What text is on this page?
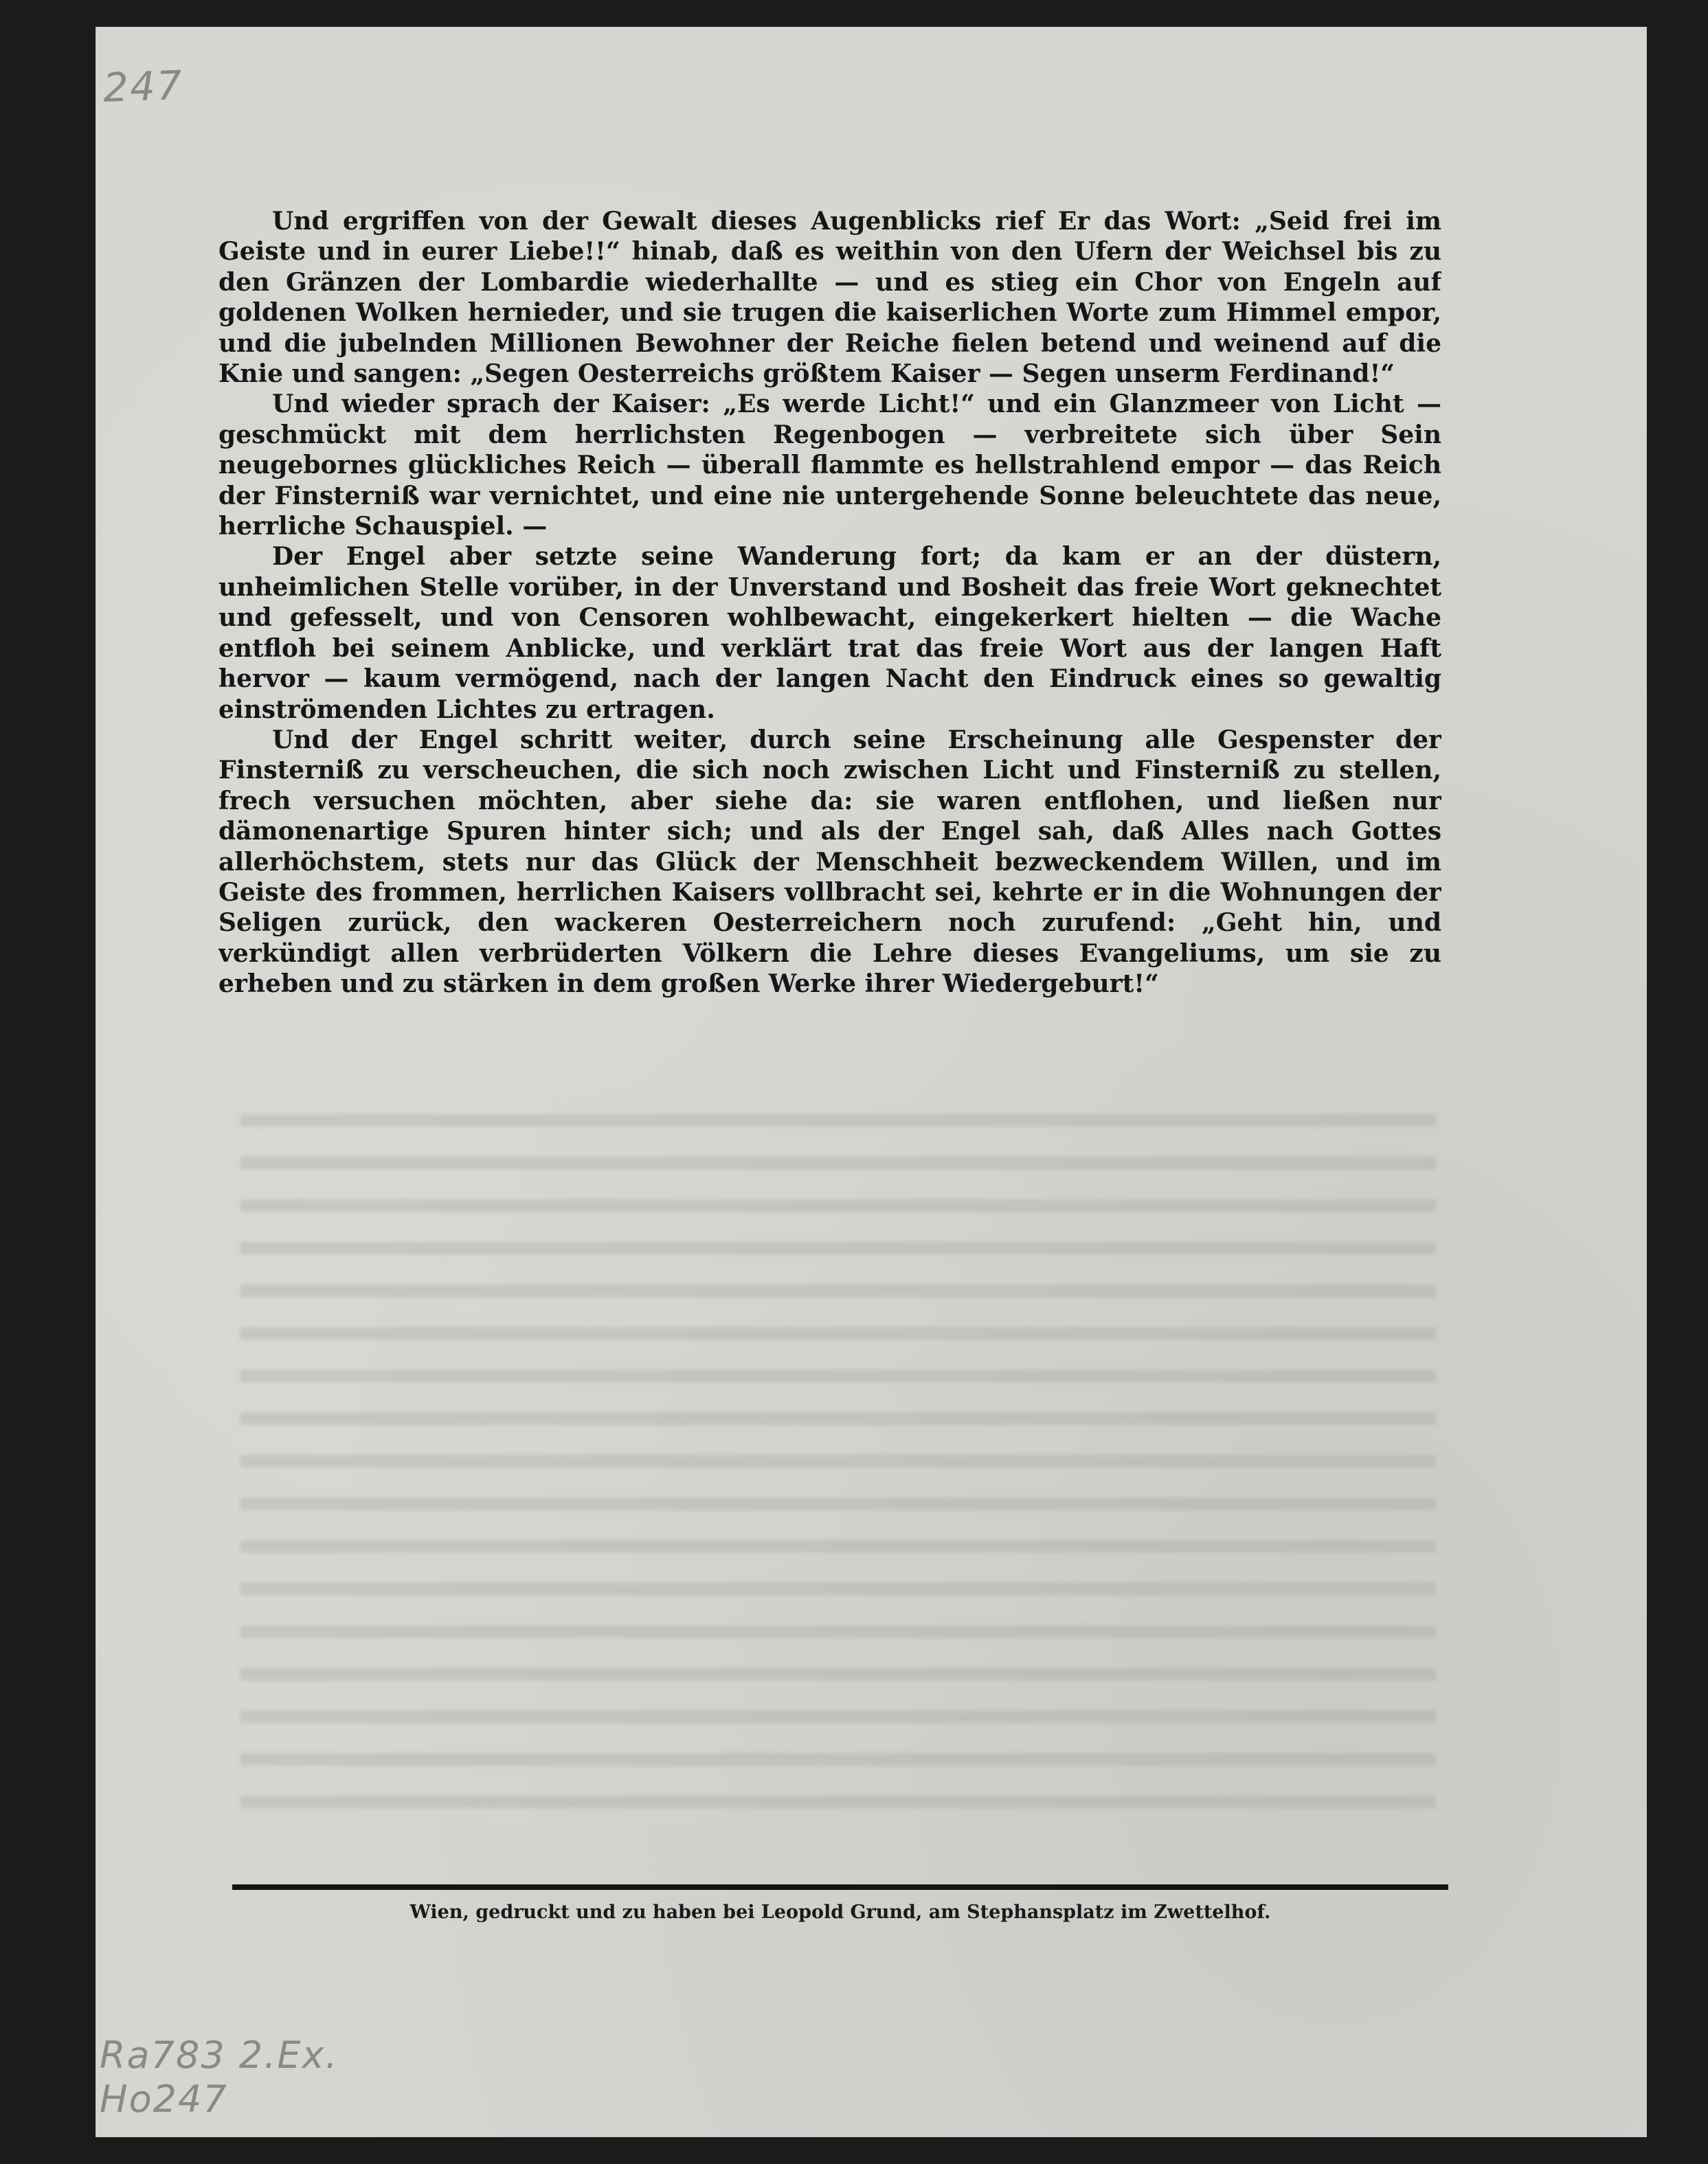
247

Und ergriffen von der Gewalt dieses Augenblicks rief Er das Wort: „Seid frei im Geiste und in eurer Liebe!!“ hinab, daß es weithin von den Ufern der Weichsel bis zu den Gränzen der Lombardie wiederhallte — und es stieg ein Chor von Engeln auf goldenen Wolken hernieder, und sie trugen die kaiserlichen Worte zum Himmel empor, und die jubelnden Millionen Bewohner der Reiche fielen betend und weinend auf die Knie und sangen: „Segen Oesterreichs größtem Kaiser — Segen unserm Ferdinand!“

Und wieder sprach der Kaiser: „Es werde Licht!“ und ein Glanzmeer von Licht — geschmückt mit dem herrlichsten Regenbogen — verbreitete sich über Sein neugebornes glückliches Reich — überall flammte es hellstrahlend empor — das Reich der Finsterniß war vernichtet, und eine nie untergehende Sonne beleuchtete das neue, herrliche Schauspiel. —

Der Engel aber setzte seine Wanderung fort; da kam er an der düstern, unheimlichen Stelle vorüber, in der Unverstand und Bosheit das freie Wort geknechtet und gefesselt, und von Censoren wohlbewacht, eingekerkert hielten — die Wache entfloh bei seinem Anblicke, und verklärt trat das freie Wort aus der langen Haft hervor — kaum vermögend, nach der langen Nacht den Eindruck eines so gewaltig einströmenden Lichtes zu ertragen.

Und der Engel schritt weiter, durch seine Erscheinung alle Gespenster der Finsterniß zu verscheuchen, die sich noch zwischen Licht und Finsterniß zu stellen, frech versuchen möchten, aber siehe da: sie waren entflohen, und ließen nur dämonenartige Spuren hinter sich; und als der Engel sah, daß Alles nach Gottes allerhöchstem, stets nur das Glück der Menschheit bezweckendem Willen, und im Geiste des frommen, herrlichen Kaisers vollbracht sei, kehrte er in die Wohnungen der Seligen zurück, den wackeren Oesterreichern noch zurufend: „Geht hin, und verkündigt allen verbrüderten Völkern die Lehre dieses Evangeliums, um sie zu erheben und zu stärken in dem großen Werke ihrer Wiedergeburt!“

Wien, gedruckt und zu haben bei Leopold Grund, am Stephansplatz im Zwettelhof.
Ra783 2.Ex.
Ho247
